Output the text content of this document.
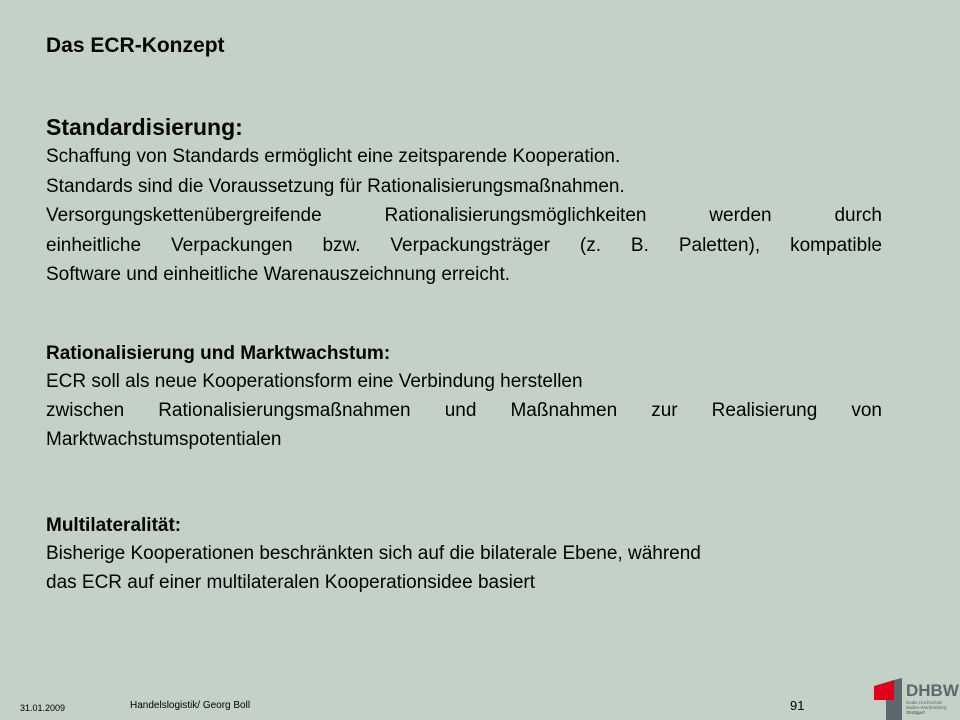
Das ECR-Konzept

Standardisierung:

Schaffung von Standards ermöglicht eine zeitsparende Kooperation.

Standards sind die Voraussetzung für Rationalisierungsmaßnahmen.

Versorgungskettenübergreifende Rationalisierungsmöglichkeiten werden durch

einheitliche Verpackungen bzw. Verpackungsträger (z. B. Paletten), kompatible

Software und einheitliche Warenauszeichnung erreicht.

Rationalisierung und Marktwachstum:

ECR soll als neue Kooperationsform eine Verbindung herstellen

zwischen Rationalisierungsmaßnahmen und Maßnahmen zur Realisierung von

Marktwachstumspotentialen

Multilateralität:

Bisherige Kooperationen beschränkten sich auf die bilaterale Ebene, während

das ECR auf einer multilateralen Kooperationsidee basiert

31.01.2009	Handelslogistik/ Georg Boll	91
DHBW
Duale Hochschule
Baden-Württemberg
Stuttgart
